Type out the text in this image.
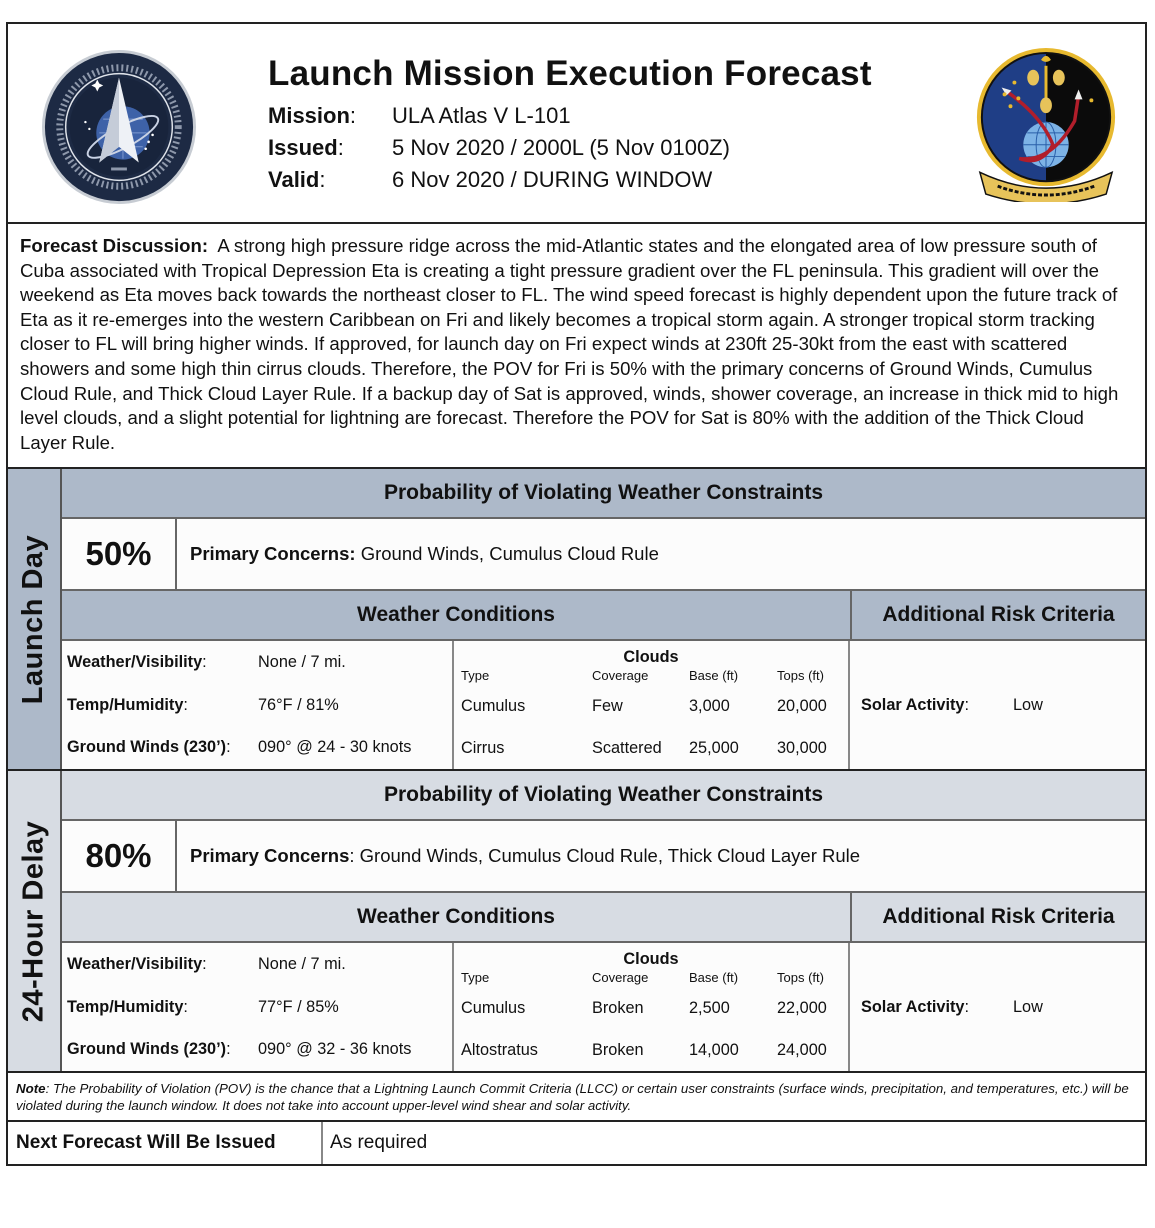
Launch Mission Execution Forecast
Mission:	ULA Atlas V L-101
Issued:	5 Nov 2020 / 2000L (5 Nov 0100Z)
Valid:	6 Nov 2020 / DURING WINDOW
Forecast Discussion: A strong high pressure ridge across the mid-Atlantic states and the elongated area of low pressure south of Cuba associated with Tropical Depression Eta is creating a tight pressure gradient over the FL peninsula. This gradient will over the weekend as Eta moves back towards the northeast closer to FL. The wind speed forecast is highly dependent upon the future track of Eta as it re-emerges into the western Caribbean on Fri and likely becomes a tropical storm again. A stronger tropical storm tracking closer to FL will bring higher winds. If approved, for launch day on Fri expect winds at 230ft 25-30kt from the east with scattered showers and some high thin cirrus clouds. Therefore, the POV for Fri is 50% with the primary concerns of Ground Winds, Cumulus Cloud Rule, and Thick Cloud Layer Rule. If a backup day of Sat is approved, winds, shower coverage, an increase in thick mid to high level clouds, and a slight potential for lightning are forecast. Therefore the POV for Sat is 80% with the addition of the Thick Cloud Layer Rule.
Launch Day
Probability of Violating Weather Constraints
50%	Primary Concerns :
Ground Winds, Cumulus Cloud Rule
Weather Conditions	Additional Risk Criteria
Weather/Visibility:	None / 7 mi.
Temp/Humidity:	76°F / 81%
Ground Winds (230’):	090° @ 24 - 30 knots
Clouds
Type	Coverage	Base (ft)	Tops (ft)
Cumulus	Few	3,000	20,000
Cirrus	Scattered	25,000	30,000
Solar Activity:	Low
24-Hour Delay
Probability of Violating Weather Constraints
80%	Primary Concerns :
Ground Winds, Cumulus Cloud Rule, Thick Cloud Layer Rule
Weather Conditions	Additional Risk Criteria
Weather/Visibility:	None / 7 mi.
Temp/Humidity:	77°F / 85%
Ground Winds (230’):	090° @ 32 - 36 knots
Clouds
Type	Coverage	Base (ft)	Tops (ft)
Cumulus	Broken	2,500	22,000
Altostratus	Broken	14,000	24,000
Solar Activity:	Low
Note: The Probability of Violation (POV) is the chance that a Lightning Launch Commit Criteria (LLCC) or certain user constraints (surface winds, precipitation, and temperatures, etc.) will be violated during the launch window. It does not take into account upper-level wind shear and solar activity.
Next Forecast Will Be Issued	As required
